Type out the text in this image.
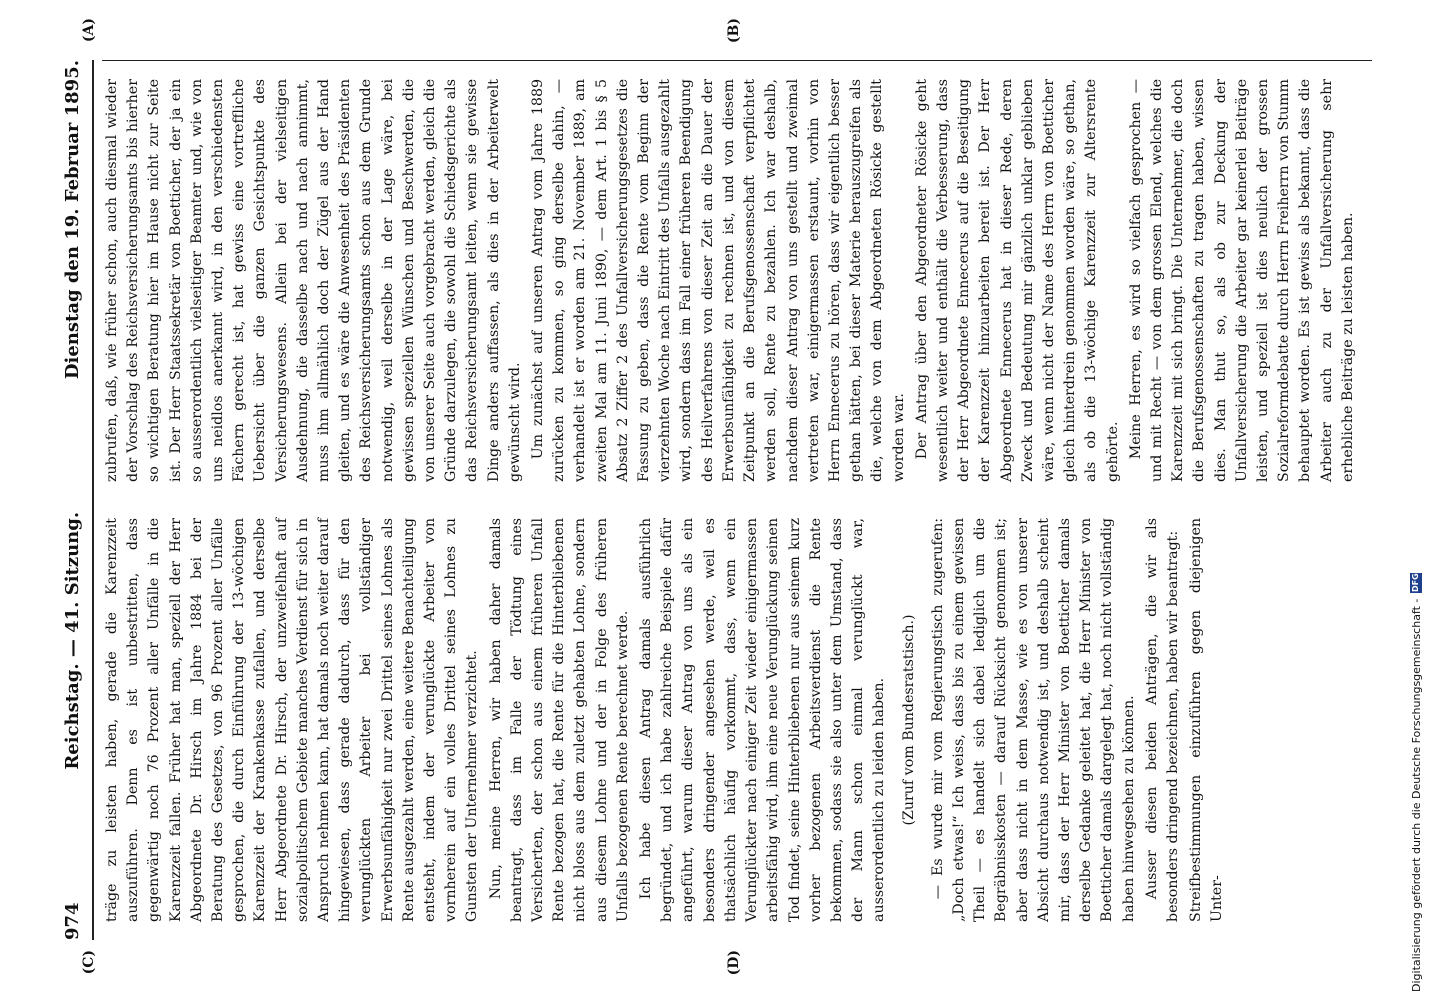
974
Reichstag. — 41. Sitzung.
Dienstag den 19. Februar 1895.
(A)	(B)
(C)	(D)

zubrufen, daß, wie früher schon, auch diesmal wieder der Vorschlag des Reichsversicherungsamts bis hierher so wichtigen Beratung hier im Hause nicht zur Seite ist. Der Herr Staatssekretär von Boetticher, der ja ein so ausserordentlich vielseitiger Beamter und, wie von uns neidlos anerkannt wird, in den verschiedensten Fächern gerecht ist, hat gewiss eine vortreffliche Uebersicht über die ganzen Gesichtspunkte des Versicherungswesens. Allein bei der vielseitigen Ausdehnung, die dasselbe nach und nach annimmt, muss ihm allmählich doch der Zügel aus der Hand gleiten, und es wäre die Anwesenheit des Präsidenten des Reichsversicherungsamts schon aus dem Grunde notwendig, weil derselbe in der Lage wäre, bei gewissen speziellen Wünschen und Beschwerden, die von unserer Seite auch vorgebracht werden, gleich die Gründe darzulegen, die sowohl die Schiedsgerichte als das Reichsversicherungsamt leiten, wenn sie gewisse Dinge anders auffassen, als dies in der Arbeiterwelt gewünscht wird. Um zunächst auf unseren Antrag vom Jahre 1889 zurücken zu kommen, so ging derselbe dahin, — verhandelt ist er worden am 21. November 1889, am zweiten Mal am 11. Juni 1890, — dem Art. 1 bis § 5 Absatz 2 Ziffer 2 des Unfallversicherungsgesetzes die Fassung zu geben, dass die Rente vom Beginn der vierzehnten Woche nach Eintritt des Unfalls ausgezahlt wird, sondern dass im Fall einer früheren Beendigung des Heilverfahrens von dieser Zeit an die Dauer der Erwerbsunfähigkeit zu rechnen ist, und von diesem Zeitpunkt an die Berufsgenossenschaft verpflichtet werden soll, Rente zu bezahlen. Ich war deshalb, nachdem dieser Antrag von uns gestellt und zweimal vertreten war, einigermassen erstaunt, vorhin von Herrn Ennecerus zu hören, dass wir eigentlich besser gethan hätten, bei dieser Materie herauszugreifen als die, welche von dem Abgeordneten Rösicke gestellt worden war. Der Antrag über den Abgeordneter Rösicke geht wesentlich weiter und enthält die Verbesserung, dass der Herr Abgeordnete Ennecerus auf die Beseitigung der Karenzzeit hinzuarbeiten bereit ist. Der Herr Abgeordnete Ennecerus hat in dieser Rede, deren Zweck und Bedeutung mir gänzlich unklar geblieben wäre, wenn nicht der Name des Herrn von Boetticher gleich hinterdrein genommen worden wäre, so gethan, als ob die 13-wöchige Karenzzeit zur Altersrente gehörte. Meine Herren, es wird so vielfach gesprochen — und mit Recht — von dem grossen Elend, welches die Karenzzeit mit sich bringt. Die Unternehmer, die doch die Berufsgenossenschaften zu tragen haben, wissen dies. Man thut so, als ob zur Deckung der Unfallversicherung die Arbeiter gar keinerlei Beiträge leisten, und speziell ist dies neulich der grossen Sozialreformdebatte durch Herrn Freiherrn von Stumm behauptet worden. Es ist gewiss als bekannt, dass die Arbeiter auch zu der Unfallversicherung sehr erhebliche Beiträge zu leisten haben.

träge zu leisten haben, gerade die Karenzzeit auszuführen. Denn es ist unbestritten, dass gegenwärtig noch 76 Prozent aller Unfälle in die Karenzzeit fallen. Früher hat man, speziell der Herr Abgeordnete Dr. Hirsch im Jahre 1884 bei der Beratung des Gesetzes, von 96 Prozent aller Unfälle gesprochen, die durch Einführung der 13-wöchigen Karenzzeit der Krankenkasse zufallen, und derselbe Herr Abgeordnete Dr. Hirsch, der unzweifelhaft auf sozialpolitischem Gebiete manches Verdienst für sich in Anspruch nehmen kann, hat damals noch weiter darauf hingewiesen, dass gerade dadurch, dass für den verunglückten Arbeiter bei vollständiger Erwerbsunfähigkeit nur zwei Drittel seines Lohnes als Rente ausgezahlt werden, eine weitere Benachteiligung entsteht, indem der verunglückte Arbeiter von vornherein auf ein volles Drittel seines Lohnes zu Gunsten der Unternehmer verzichtet. Nun, meine Herren, wir haben daher damals beantragt, dass im Falle der Tödtung eines Versicherten, der schon aus einem früheren Unfall Rente bezogen hat, die Rente für die Hinterbliebenen nicht bloss aus dem zuletzt gehabten Lohne, sondern aus diesem Lohne und der in Folge des früheren Unfalls bezogenen Rente berechnet werde. Ich habe diesen Antrag damals ausführlich begründet, und ich habe zahlreiche Beispiele dafür angeführt, warum dieser Antrag von uns als ein besonders dringender angesehen werde, weil es thatsächlich häufig vorkommt, dass, wenn ein Verunglückter nach einiger Zeit wieder einigermassen arbeitsfähig wird, ihm eine neue Verunglückung seinen Tod findet, seine Hinterbliebenen nur aus seinem kurz vorher bezogenen Arbeitsverdienst die Rente bekommen, sodass sie also unter dem Umstand, dass der Mann schon einmal verunglückt war, ausserordentlich zu leiden haben. (Zuruf vom Bundesratstisch.) — Es wurde mir vom Regierungstisch zugerufen: „Doch etwas!“ Ich weiss, dass bis zu einem gewissen Theil — es handelt sich dabei lediglich um die Begräbnisskosten — darauf Rücksicht genommen ist; aber dass nicht in dem Masse, wie es von unserer Absicht durchaus notwendig ist, und deshalb scheint mir, dass der Herr Minister von Boetticher damals derselbe Gedanke geleitet hat, die Herr Minister von Boetticher damals dargelegt hat, noch nicht vollständig haben hinwegsehen zu können. Ausser diesen beiden Anträgen, die wir als besonders dringend bezeichnen, haben wir beantragt: Streifbestimmungen einzuführen gegen diejenigen Unter-	Digitalisierung gefördert durch die Deutsche Forschungsgemeinschaft -
DFG
